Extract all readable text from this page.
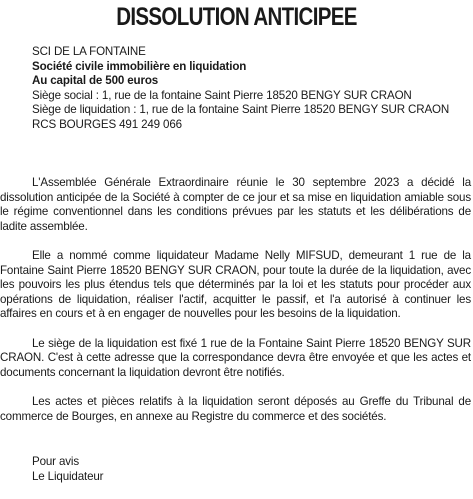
DISSOLUTION ANTICIPEE
SCI DE LA FONTAINE
Société civile immobilière en liquidation
Au capital de 500 euros
Siège social : 1, rue de la fontaine Saint Pierre 18520 BENGY SUR CRAON
Siège de liquidation : 1, rue de la fontaine Saint Pierre 18520 BENGY SUR CRAON
RCS BOURGES 491 249 066

L'Assemblée Générale Extraordinaire réunie le 30 septembre 2023 a décidé la dissolution anticipée de la Société à compter de ce jour et sa mise en liquidation amiable sous le régime conventionnel dans les conditions prévues par les statuts et les délibérations de ladite assemblée.

Elle a nommé comme liquidateur Madame Nelly MIFSUD, demeurant 1 rue de la Fontaine Saint Pierre 18520 BENGY SUR CRAON, pour toute la durée de la liquidation, avec les pouvoirs les plus étendus tels que déterminés par la loi et les statuts pour procéder aux opérations de liquidation, réaliser l'actif, acquitter le passif, et l'a autorisé à continuer les affaires en cours et à en engager de nouvelles pour les besoins de la liquidation.

Le siège de la liquidation est fixé 1 rue de la Fontaine Saint Pierre 18520 BENGY SUR CRAON. C'est à cette adresse que la correspondance devra être envoyée et que les actes et documents concernant la liquidation devront être notifiés.

Les actes et pièces relatifs à la liquidation seront déposés au Greffe du Tribunal de commerce de Bourges, en annexe au Registre du commerce et des sociétés.

Pour avis
Le Liquidateur
